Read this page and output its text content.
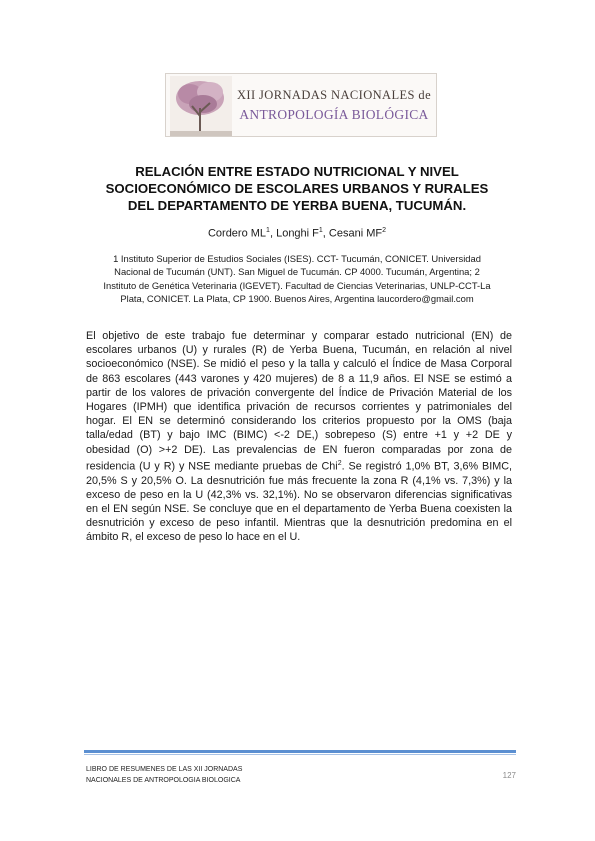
XII JORNADAS NACIONALES de
ANTROPOLOGÍA BIOLÓGICA
RELACIÓN ENTRE ESTADO NUTRICIONAL Y NIVEL
SOCIOECONÓMICO DE ESCOLARES URBANOS Y RURALES
DEL DEPARTAMENTO DE YERBA BUENA, TUCUMÁN.
Cordero $ML^1$, Longhi $F^1$, Cesani $MF^2$
1 Instituto Superior de Estudios Sociales (ISES). CCT- Tucumán, CONICET. Universidad
Nacional de Tucumán (UNT). San Miguel de Tucumán. CP 4000. Tucumán, Argentina; 2
Instituto de Genética Veterinaria (IGEVET). Facultad de Ciencias Veterinarias, UNLP-CCT-La
Plata, CONICET. La Plata, CP 1900. Buenos Aires, Argentina laucordero@gmail.com
El objetivo de este trabajo fue determinar y comparar estado nutricional (EN) de
escolares urbanos (U) y rurales (R) de Yerba Buena, Tucumán, en relación al nivel
socioeconómico (NSE). Se midió el peso y la talla y calculó el Índice de Masa Corporal
de 863 escolares (443 varones y 420 mujeres) de 8 a 11,9 años. El NSE se estimó a
partir de los valores de privación convergente del Índice de Privación Material de los
Hogares (IPMH) que identifica privación de recursos corrientes y patrimoniales del
hogar. El EN se determinó considerando los criterios propuesto por la OMS (baja
talla/edad (BT) y bajo IMC (BIMC) <-2 DE,) sobrepeso (S) entre +1 y +2 DE y
obesidad (O) >+2 DE). Las prevalencias de EN fueron comparadas por zona de
residencia (U y R) y NSE mediante pruebas de Chi$^2$. Se registró 1,0% BT, 3,6% BIMC,
20,5% S y 20,5% O. La desnutrición fue más frecuente la zona R (4,1% vs. 7,3%) y la
exceso de peso en la U (42,3% vs. 32,1%). No se observaron diferencias significativas
en el EN según NSE. Se concluye que en el departamento de Yerba Buena coexisten la
desnutrición y exceso de peso infantil. Mientras que la desnutrición predomina en el
ámbito R, el exceso de peso lo hace en el U.
LIBRO DE RESUMENES DE LAS XII JORNADAS
NACIONALES DE ANTROPOLOGIA BIOLOGICA
127
